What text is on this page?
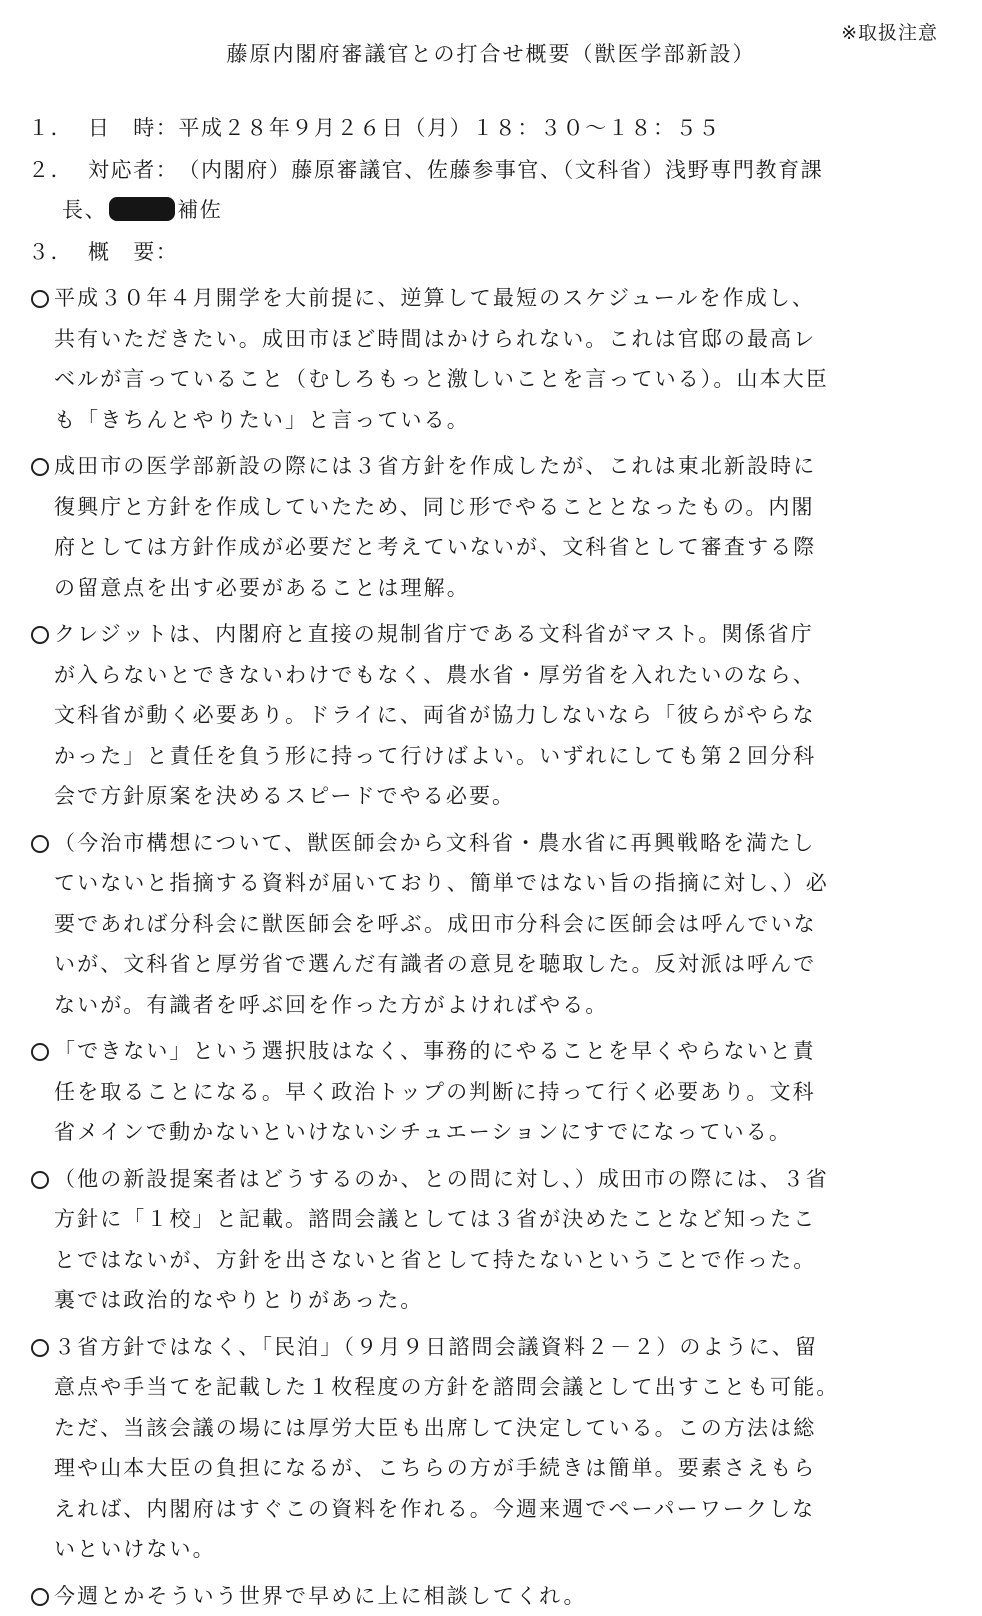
※取扱注意
藤原内閣府審議官との打合せ概要（獣医学部新設）
１． 日　時： 平成２８年９月２６日（月）１８：３０～１８：５５
２． 対応者： （内閣府）藤原審議官、佐藤参事官、（文科省）浅野専門教育課
長、	補佐
３． 概　要：
平成３０年４月開学を大前提に、逆算して最短のスケジュールを作成し、
共有いただきたい。成田市ほど時間はかけられない。これは官邸の最高レ
ベルが言っていること（むしろもっと激しいことを言っている）。山本大臣
も「きちんとやりたい」と言っている。
成田市の医学部新設の際には３省方針を作成したが、これは東北新設時に
復興庁と方針を作成していたため、同じ形でやることとなったもの。内閣
府としては方針作成が必要だと考えていないが、文科省として審査する際
の留意点を出す必要があることは理解。
クレジットは、内閣府と直接の規制省庁である文科省がマスト。関係省庁
が入らないとできないわけでもなく、農水省・厚労省を入れたいのなら、
文科省が動く必要あり。ドライに、両省が協力しないなら「彼らがやらな
かった」と責任を負う形に持って行けばよい。いずれにしても第２回分科
会で方針原案を決めるスピードでやる必要。
（今治市構想について、獣医師会から文科省・農水省に再興戦略を満たし
ていないと指摘する資料が届いており、簡単ではない旨の指摘に対し、）必
要であれば分科会に獣医師会を呼ぶ。成田市分科会に医師会は呼んでいな
いが、文科省と厚労省で選んだ有識者の意見を聴取した。反対派は呼んで
ないが。有識者を呼ぶ回を作った方がよければやる。
「できない」という選択肢はなく、事務的にやることを早くやらないと責
任を取ることになる。早く政治トップの判断に持って行く必要あり。文科
省メインで動かないといけないシチュエーションにすでになっている。
（他の新設提案者はどうするのか、との問に対し、）成田市の際には、３省
方針に「１校」と記載。諮問会議としては３省が決めたことなど知ったこ
とではないが、方針を出さないと省として持たないということで作った。
裏では政治的なやりとりがあった。
３省方針ではなく、「民泊」（９月９日諮問会議資料２－２）のように、留
意点や手当てを記載した１枚程度の方針を諮問会議として出すことも可能。
ただ、当該会議の場には厚労大臣も出席して決定している。この方法は総
理や山本大臣の負担になるが、こちらの方が手続きは簡単。要素さえもら
えれば、内閣府はすぐこの資料を作れる。今週来週でペーパーワークしな
いといけない。
今週とかそういう世界で早めに上に相談してくれ。
